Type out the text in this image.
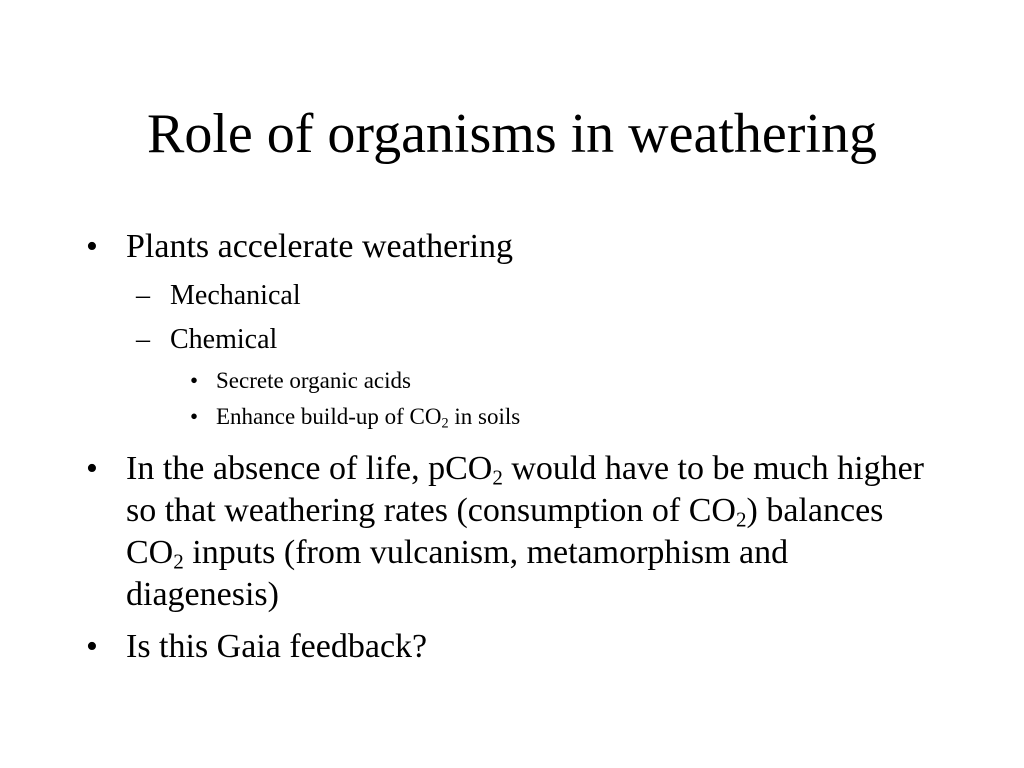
Role of organisms in weathering
• Plants accelerate weathering
– Mechanical
– Chemical
• Secrete organic acids
• Enhance build-up of $CO_2$ in soils
• In the absence of life, pCO$_2$ would have to be much higher so that weathering rates (consumption of $CO_2$) balances $CO_2$ inputs (from vulcanism, metamorphism and diagenesis)
• Is this Gaia feedback?
